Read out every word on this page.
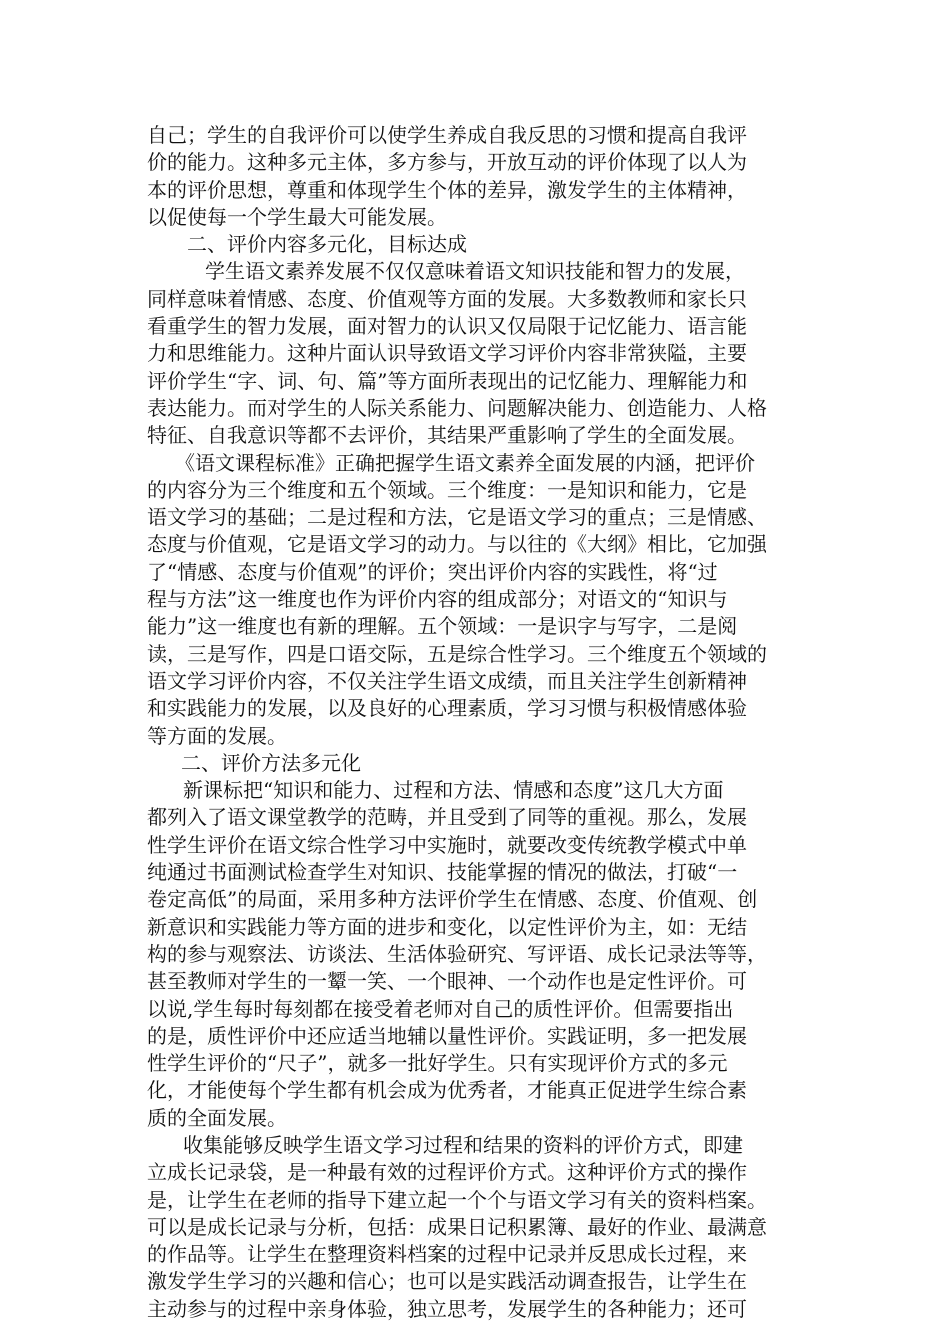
自己；学生的自我评价可以使学生养成自我反思的习惯和提高自我评
价的能力。这种多元主体，多方参与，开放互动的评价体现了以人为
本的评价思想，尊重和体现学生个体的差异，激发学生的主体精神，
以促使每一个学生最大可能发展。
二、评价内容多元化，目标达成
学生语文素养发展不仅仅意味着语文知识技能和智力的发展，
同样意味着情感、态度、价值观等方面的发展。大多数教师和家长只
看重学生的智力发展，面对智力的认识又仅局限于记忆能力、语言能
力和思维能力。这种片面认识导致语文学习评价内容非常狭隘，主要
评价学生“字、词、句、篇”等方面所表现出的记忆能力、理解能力和
表达能力。而对学生的人际关系能力、问题解决能力、创造能力、人格
特征、自我意识等都不去评价，其结果严重影响了学生的全面发展。
《语文课程标准》正确把握学生语文素养全面发展的内涵，把评价
的内容分为三个维度和五个领域。三个维度：一是知识和能力，它是
语文学习的基础；二是过程和方法，它是语文学习的重点；三是情感、
态度与价值观，它是语文学习的动力。与以往的《大纲》相比，它加强
了“情感、态度与价值观”的评价；突出评价内容的实践性，将“过
程与方法”这一维度也作为评价内容的组成部分；对语文的“知识与
能力”这一维度也有新的理解。五个领域：一是识字与写字，二是阅
读，三是写作，四是口语交际，五是综合性学习。三个维度五个领域的
语文学习评价内容，不仅关注学生语文成绩，而且关注学生创新精神
和实践能力的发展，以及良好的心理素质，学习习惯与积极情感体验
等方面的发展。
二、评价方法多元化
新课标把“知识和能力、过程和方法、情感和态度”这几大方面
都列入了语文课堂教学的范畴，并且受到了同等的重视。那么，发展
性学生评价在语文综合性学习中实施时，就要改变传统教学模式中单
纯通过书面测试检查学生对知识、技能掌握的情况的做法，打破“一
卷定高低”的局面，采用多种方法评价学生在情感、态度、价值观、创
新意识和实践能力等方面的进步和变化，以定性评价为主，如：无结
构的参与观察法、访谈法、生活体验研究、写评语、成长记录法等等，
甚至教师对学生的一颦一笑、一个眼神、一个动作也是定性评价。可
以说,学生每时每刻都在接受着老师对自己的质性评价。但需要指出
的是，质性评价中还应适当地辅以量性评价。实践证明，多一把发展
性学生评价的“尺子”，就多一批好学生。只有实现评价方式的多元
化，才能使每个学生都有机会成为优秀者，才能真正促进学生综合素
质的全面发展。
收集能够反映学生语文学习过程和结果的资料的评价方式，即建
立成长记录袋，是一种最有效的过程评价方式。这种评价方式的操作
是，让学生在老师的指导下建立起一个个与语文学习有关的资料档案。
可以是成长记录与分析，包括：成果日记积累簿、最好的作业、最满意
的作品等。让学生在整理资料档案的过程中记录并反思成长过程，来
激发学生学习的兴趣和信心；也可以是实践活动调查报告，让学生在
主动参与的过程中亲身体验，独立思考，发展学生的各种能力；还可
